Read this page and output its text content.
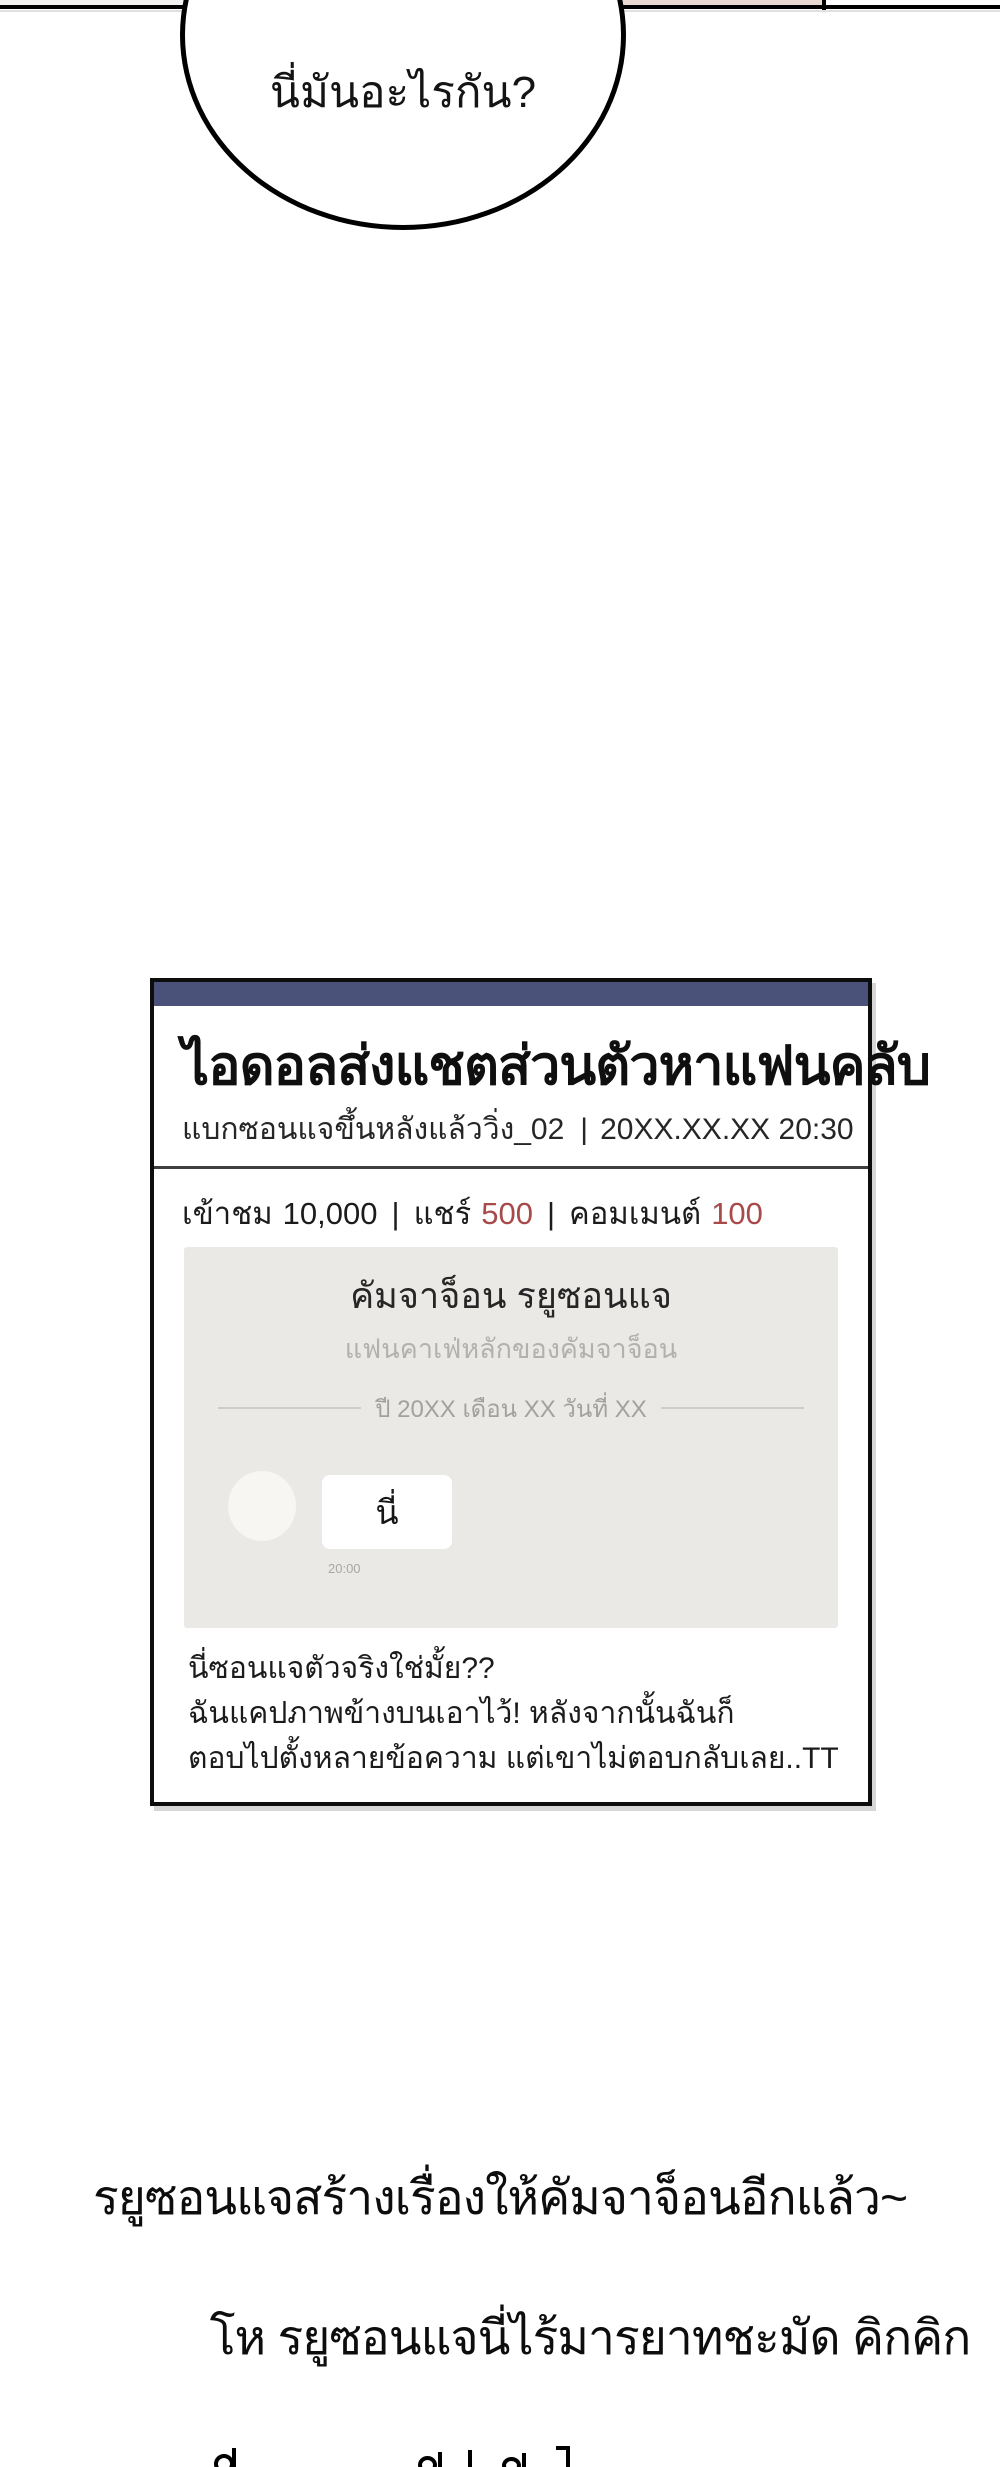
นี่มันอะไรกัน?
ไอดอลส่งแชตส่วนตัวหาแฟนคลับ
แบกซอนแจขึ้นหลังแล้ววิ่ง_02 | 20XX.XX.XX 20:30
เข้าชม 10,000 | แชร์ 500 | คอมเมนต์ 100
คัมจาจ็อน รยูซอนแจ
แฟนคาเฟ่หลักของคัมจาจ็อน
ปี 20XX เดือน XX วันที่ XX
นี่
20:00
นี่ซอนแจตัวจริงใช่มั้ย??
ฉันแคปภาพข้างบนเอาไว้! หลังจากนั้นฉันก็
ตอบไปตั้งหลายข้อความ แต่เขาไม่ตอบกลับเลย..TT
รยูซอนแจสร้างเรื่องให้คัมจาจ็อนอีกแล้ว~
โห รยูซอนแจนี่ไร้มารยาทชะมัด คิกคิก
